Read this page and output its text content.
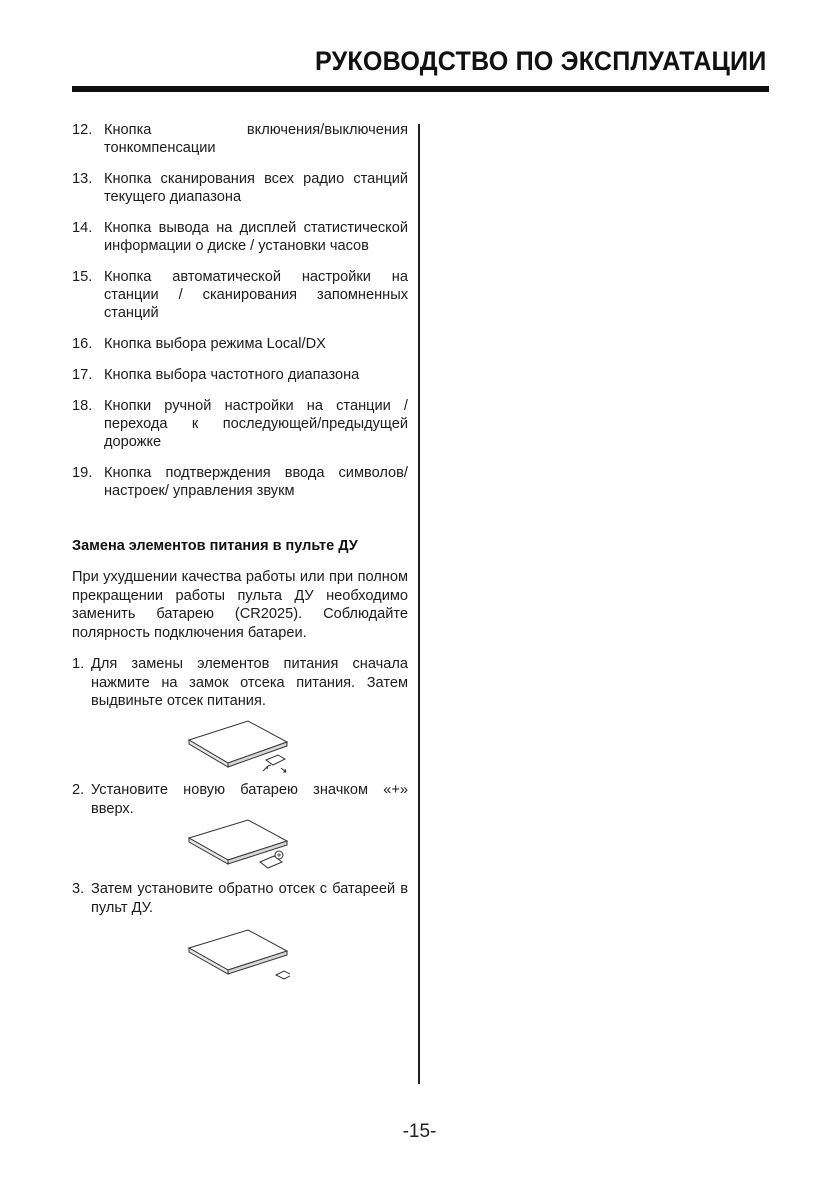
РУКОВОДСТВО ПО ЭКСПЛУАТАЦИИ
12. Кнопка включения/выключения тонкомпенсации
13. Кнопка сканирования всех радио станций текущего диапазона
14. Кнопка вывода на дисплей статистической информации о диске / установки часов
15. Кнопка автоматической настройки на станции / сканирования запомненных станций
16. Кнопка выбора режима Local/DX
17. Кнопка выбора частотного диапазона
18. Кнопки ручной настройки на станции / перехода к последующей/предыдущей дорожке
19. Кнопка подтверждения ввода символов/ настроек/ управления звукм
Замена элементов питания в пульте ДУ
При ухудшении качества работы или при полном прекращении работы пульта ДУ необходимо заменить батарею (CR2025). Соблюдайте полярность подключения батареи.
1. Для замены элементов питания сначала нажмите на замок отсека питания. Затем выдвиньте отсек питания.
2. Установите новую батарею значком «+» вверх.
3. Затем установите обратно отсек с батареей в пульт ДУ.
-15-
